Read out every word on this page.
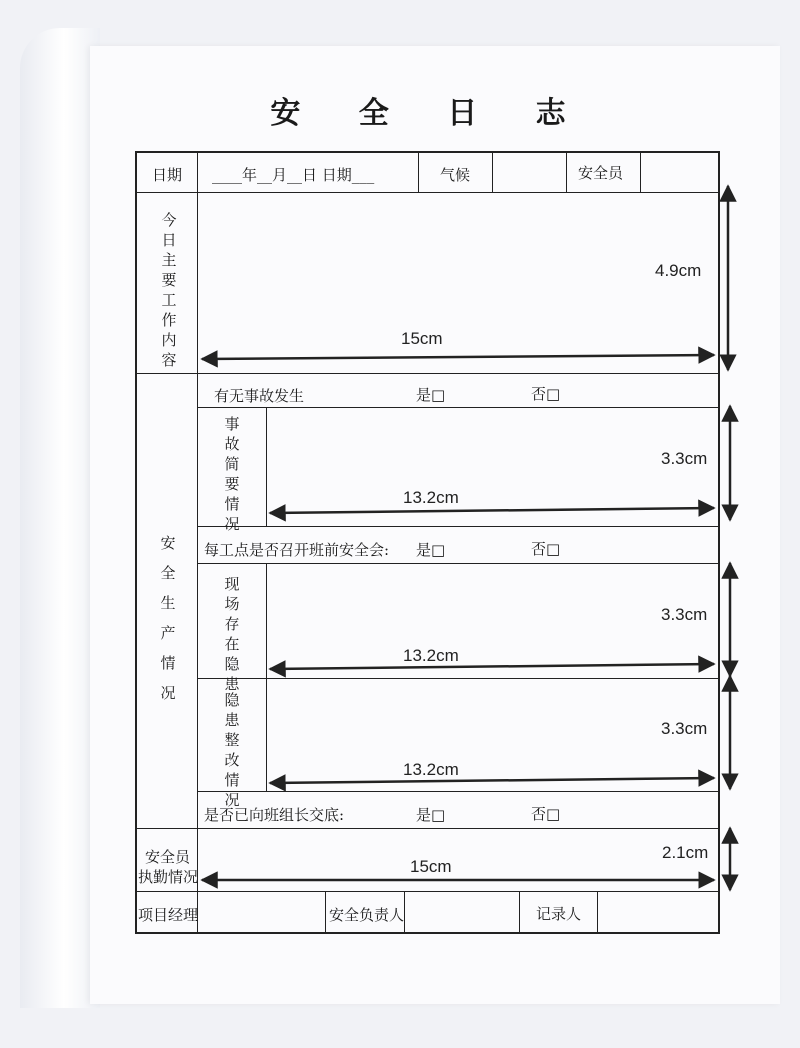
安 全 日 志
日期 ____年__月__日 日期___	气候	安全员
今日主要工作内容
安全生产情况
有无事故发生	是□	否□
事故简要情况
每工点是否召开班前安全会: 是□	否□
现场存在隐患
隐患整改情况
是否已向班组长交底:	是□	否□
安全员
执勤情况
项目经理	安全负责人	记录人
4.9cm
15cm
3.3cm
13.2cm
3.3cm
13.2cm
3.3cm
13.2cm
2.1cm
15cm
